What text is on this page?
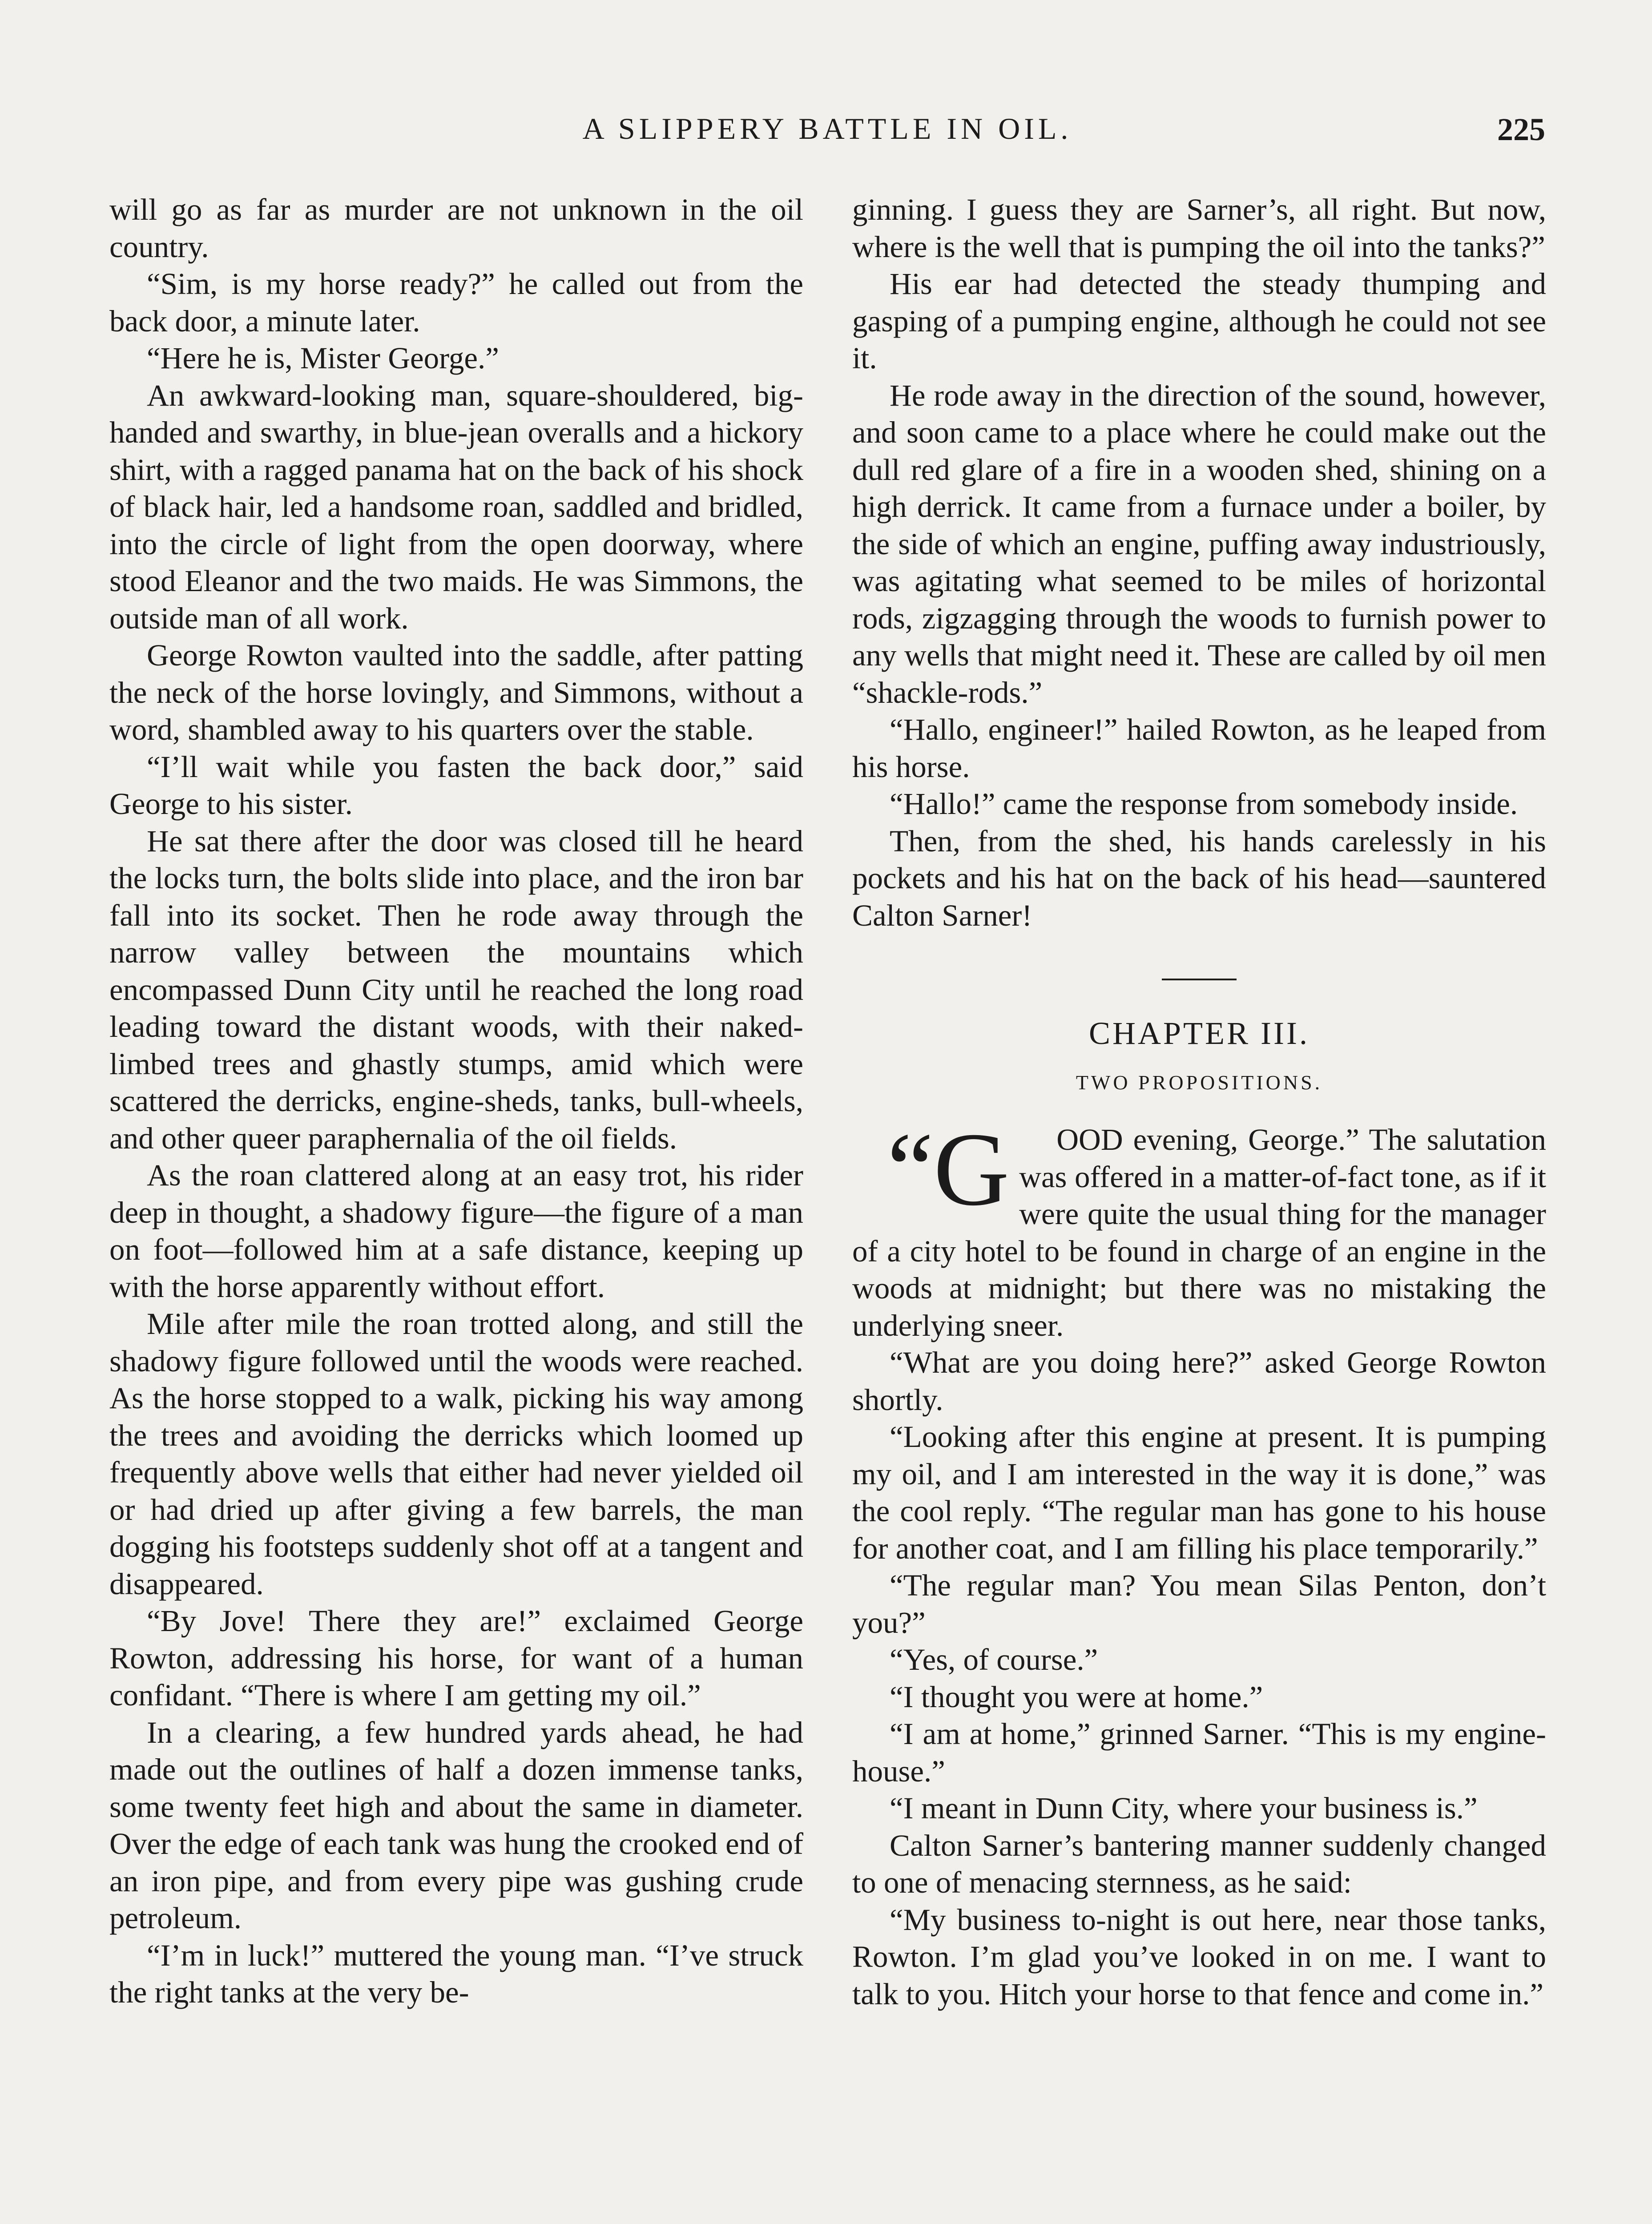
A SLIPPERY BATTLE IN OIL.	225

will go as far as murder are not unknown in the oil country.

“Sim, is my horse ready?” he called out from the back door, a minute later.

“Here he is, Mister George.”

An awkward-looking man, square-shouldered, big-handed and swarthy, in blue-jean overalls and a hickory shirt, with a ragged panama hat on the back of his shock of black hair, led a handsome roan, saddled and bridled, into the circle of light from the open doorway, where stood Eleanor and the two maids. He was Simmons, the outside man of all work.

George Rowton vaulted into the saddle, after patting the neck of the horse lovingly, and Simmons, without a word, shambled away to his quarters over the stable.

“I’ll wait while you fasten the back door,” said George to his sister.

He sat there after the door was closed till he heard the locks turn, the bolts slide into place, and the iron bar fall into its socket. Then he rode away through the narrow valley between the mountains which encompassed Dunn City until he reached the long road leading toward the distant woods, with their naked-limbed trees and ghastly stumps, amid which were scattered the derricks, engine-sheds, tanks, bull-wheels, and other queer paraphernalia of the oil fields.

As the roan clattered along at an easy trot, his rider deep in thought, a shadowy figure—the figure of a man on foot—followed him at a safe distance, keeping up with the horse apparently without effort.

Mile after mile the roan trotted along, and still the shadowy figure followed until the woods were reached. As the horse stopped to a walk, picking his way among the trees and avoiding the derricks which loomed up frequently above wells that either had never yielded oil or had dried up after giving a few barrels, the man dogging his footsteps suddenly shot off at a tangent and disappeared.

“By Jove! There they are!” exclaimed George Rowton, addressing his horse, for want of a human confidant. “There is where I am getting my oil.”

In a clearing, a few hundred yards ahead, he had made out the outlines of half a dozen immense tanks, some twenty feet high and about the same in diameter. Over the edge of each tank was hung the crooked end of an iron pipe, and from every pipe was gushing crude petroleum.

“I’m in luck!” muttered the young man. “I’ve struck the right tanks at the very be-

ginning. I guess they are Sarner’s, all right. But now, where is the well that is pumping the oil into the tanks?”

His ear had detected the steady thumping and gasping of a pumping engine, although he could not see it.

He rode away in the direction of the sound, however, and soon came to a place where he could make out the dull red glare of a fire in a wooden shed, shining on a high derrick. It came from a furnace under a boiler, by the side of which an engine, puffing away industriously, was agitating what seemed to be miles of horizontal rods, zigzagging through the woods to furnish power to any wells that might need it. These are called by oil men “shackle-rods.”

“Hallo, engineer!” hailed Rowton, as he leaped from his horse.

“Hallo!” came the response from somebody inside.

Then, from the shed, his hands carelessly in his pockets and his hat on the back of his head—sauntered Calton Sarner!

CHAPTER III.
TWO PROPOSITIONS.

“G OOD evening, George.” The salutation was offered in a matter-of-fact tone, as if it were quite the usual thing for the manager of a city hotel to be found in charge of an engine in the woods at midnight; but there was no mistaking the underlying sneer.

“What are you doing here?” asked George Rowton shortly.

“Looking after this engine at present. It is pumping my oil, and I am interested in the way it is done,” was the cool reply. “The regular man has gone to his house for another coat, and I am filling his place temporarily.”

“The regular man? You mean Silas Penton, don’t you?”

“Yes, of course.”

“I thought you were at home.”

“I am at home,” grinned Sarner. “This is my engine-house.”

“I meant in Dunn City, where your business is.”

Calton Sarner’s bantering manner suddenly changed to one of menacing sternness, as he said:

“My business to-night is out here, near those tanks, Rowton. I’m glad you’ve looked in on me. I want to talk to you. Hitch your horse to that fence and come in.”
